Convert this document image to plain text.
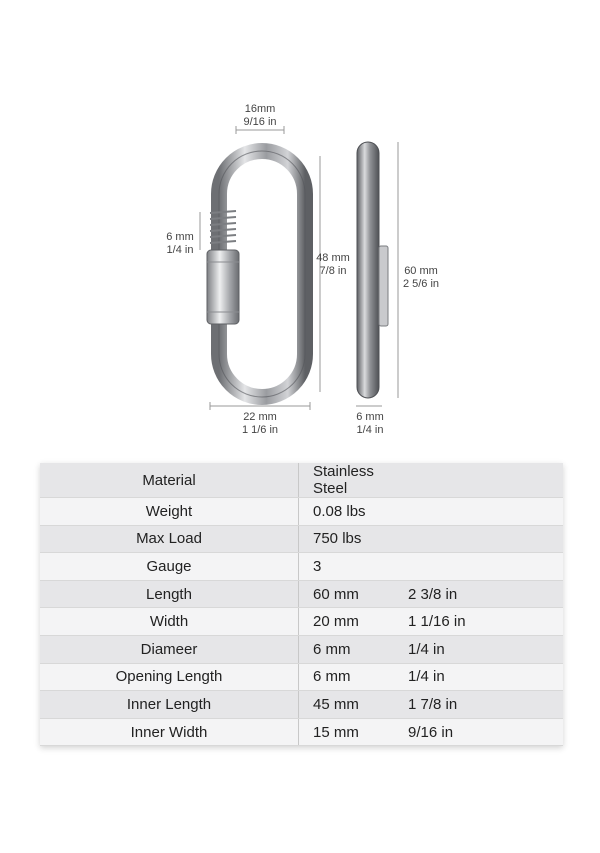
16mm
9/16 in
6 mm
1/4 in
48 mm
7/8 in	60 mm
2 5/6 in
22 mm
1 1/6 in
6 mm
1/4 in
Material	Stainless Steel	
Weight	0.08 lbs	
Max Load	750 lbs	
Gauge	3	
Length	60 mm	2 3/8 in
Width	20 mm	1 1/16 in
Diameer	6 mm	1/4 in
Opening Length	6 mm	1/4 in
Inner Length	45 mm	1 7/8 in
Inner Width	15 mm	9/16 in
